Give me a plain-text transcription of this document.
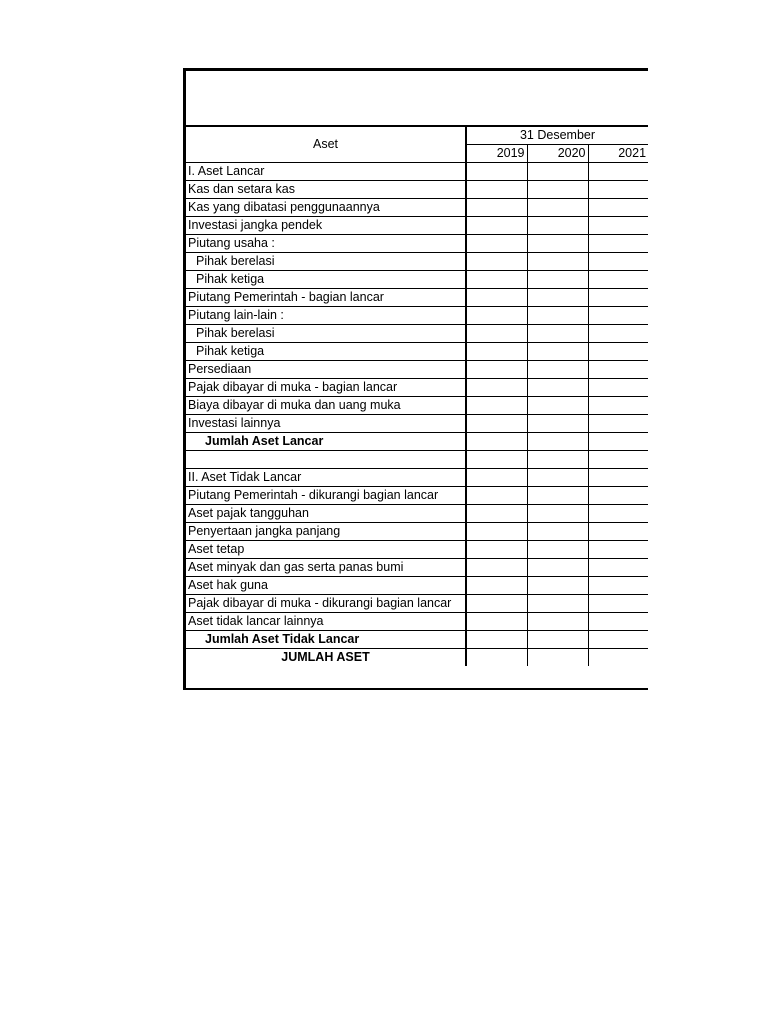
Aset	31 Desember		
	2019	2020	2021
I. Aset Lancar			
Kas dan setara kas			
Kas yang dibatasi penggunaannya			
Investasi jangka pendek			
Piutang usaha :			
Pihak berelasi			
Pihak ketiga			
Piutang Pemerintah - bagian lancar			
Piutang lain-lain :			
Pihak berelasi			
Pihak ketiga			
Persediaan			
Pajak dibayar di muka - bagian lancar			
Biaya dibayar di muka dan uang muka			
Investasi lainnya			
Jumlah Aset Lancar			

II. Aset Tidak Lancar			
Piutang Pemerintah - dikurangi bagian lancar			
Aset pajak tangguhan			
Penyertaan jangka panjang			
Aset tetap			
Aset minyak dan gas serta panas bumi			
Aset hak guna			
Pajak dibayar di muka - dikurangi bagian lancar			
Aset tidak lancar lainnya			
Jumlah Aset Tidak Lancar			
JUMLAH ASET			
